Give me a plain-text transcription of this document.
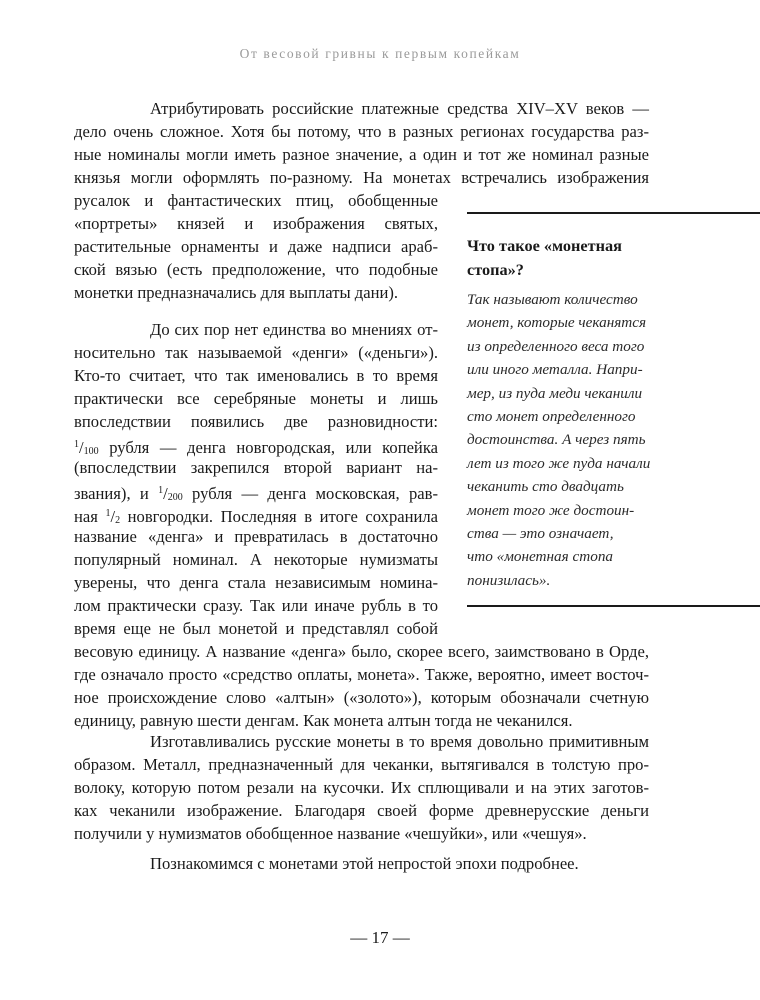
От весовой гривны к первым копейкам
Атрибутировать российские платежные средства XIV–XV веков —
дело очень сложное. Хотя бы потому, что в разных регионах государства раз-
ные номиналы могли иметь разное значение, а один и тот же номинал разные
князья могли оформлять по-разному. На монетах встречались изображения
русалок и фантастических птиц, обобщенные
«портреты» князей и изображения святых,
растительные орнаменты и даже надписи араб-
ской вязью (есть предположение, что подобные
монетки предназначались для выплаты дани).
До сих пор нет единства во мнениях от-
носительно так называемой «денги» («деньги»).
Кто-то считает, что так именовались в то время
практически все серебряные монеты и лишь
впоследствии появились две разновидности:
$^1/_{100}$ рубля — денга новгородская, или копейка
(впоследствии закрепился второй вариант на-
звания), и $^1/_{200}$ рубля — денга московская, рав-
ная $^1/_2$ новгородки. Последняя в итоге сохранила
название «денга» и превратилась в достаточно
популярный номинал. А некоторые нумизматы
уверены, что денга стала независимым номина-
лом практически сразу. Так или иначе рубль в то
время еще не был монетой и представлял собой
весовую единицу. А название «денга» было, скорее всего, заимствовано в Орде,
где означало просто «средство оплаты, монета». Также, вероятно, имеет восточ-
ное происхождение слово «алтын» («золото»), которым обозначали счетную
единицу, равную шести денгам. Как монета алтын тогда не чеканился.
Изготавливались русские монеты в то время довольно примитивным
образом. Металл, предназначенный для чеканки, вытягивался в толстую про-
волоку, которую потом резали на кусочки. Их сплющивали и на этих заготов-
ках чеканили изображение. Благодаря своей форме древнерусские деньги
получили у нумизматов обобщенное название «чешуйки», или «чешуя».
Познакомимся с монетами этой непростой эпохи подробнее.
Что такое «монетная
стопа»?
Так называют количество
монет, которые чеканятся
из определенного веса того
или иного металла. Напри-
мер, из пуда меди чеканили
сто монет определенного
достоинства. А через пять
лет из того же пуда начали
чеканить сто двадцать
монет того же достоин-
ства — это означает,
что «монетная стопа
понизилась».
— 17 —
